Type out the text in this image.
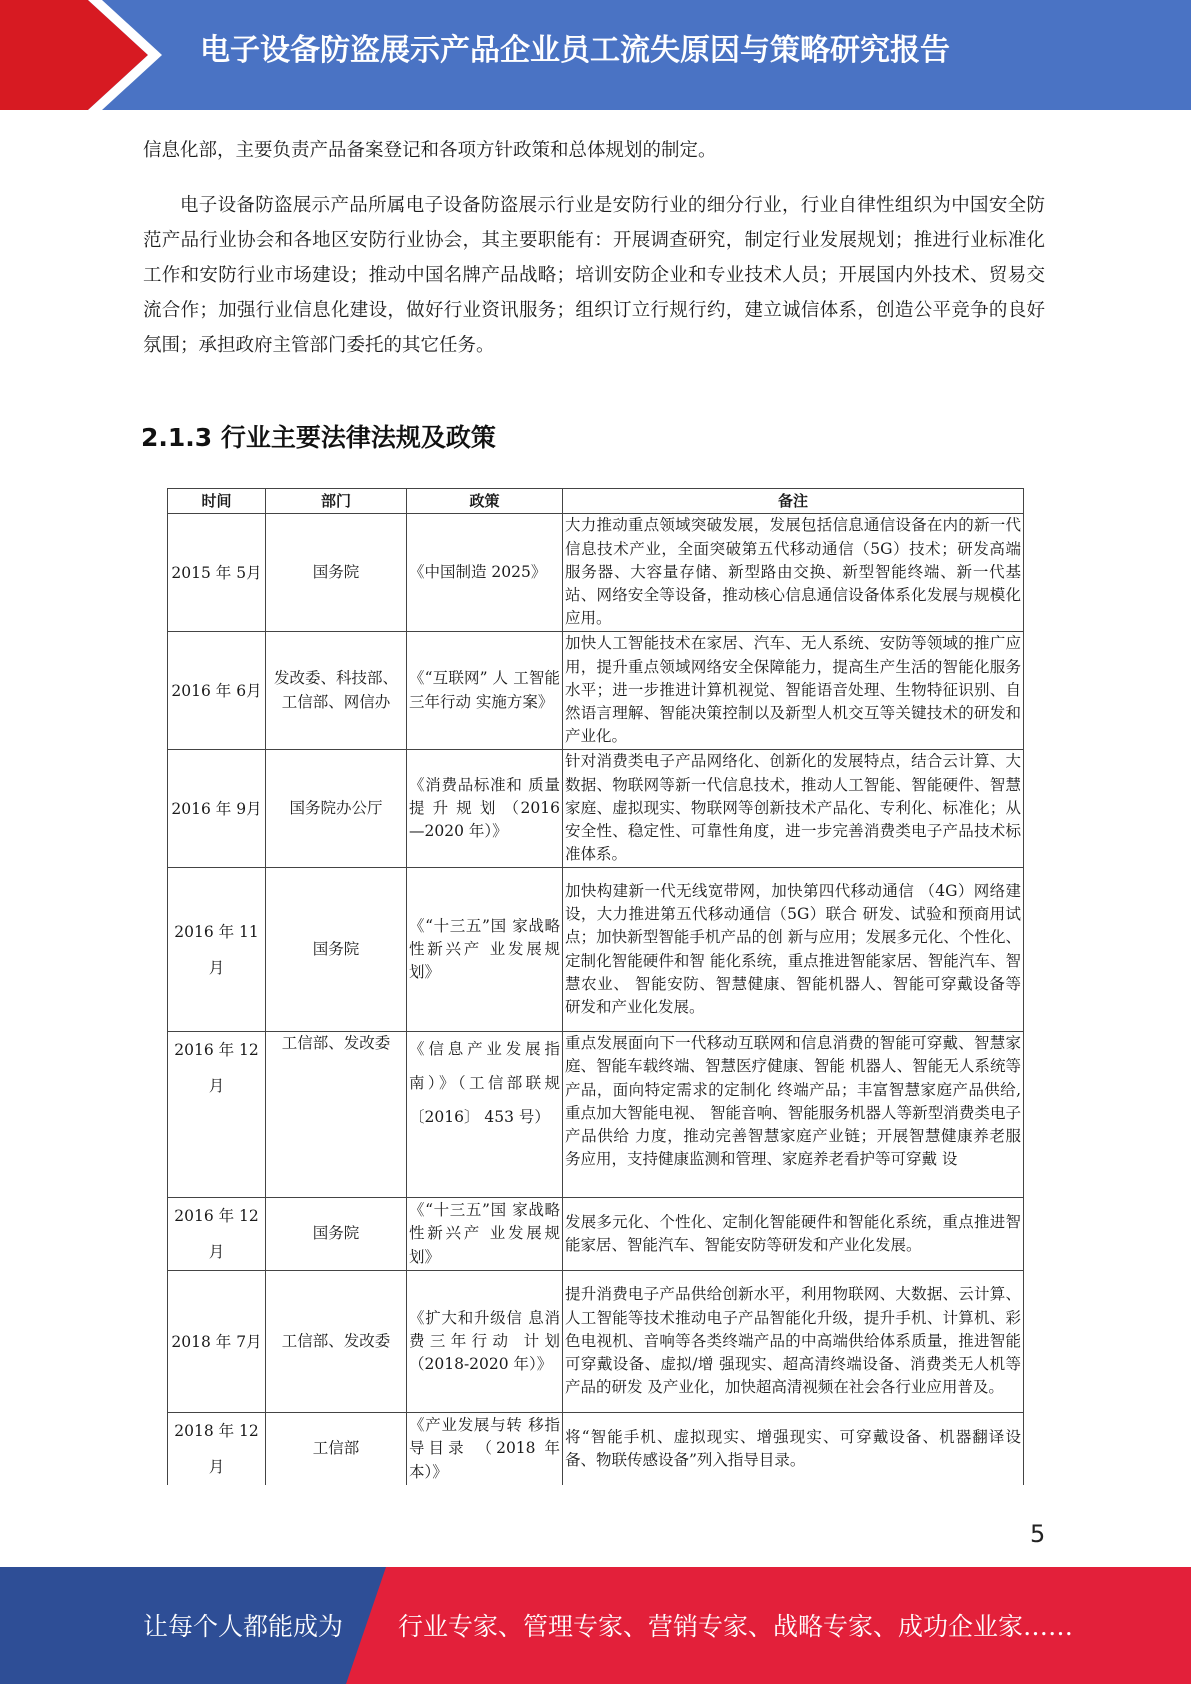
电子设备防盗展示产品企业员工流失原因与策略研究报告

信息化部，主要负责产品备案登记和各项方针政策和总体规划的制定。

电子设备防盗展示产品所属电子设备防盗展示行业是安防行业的细分行业，行业自律性组织为中国安全防范产品行业协会和各地区安防行业协会，其主要职能有：开展调查研究，制定行业发展规划；推进行业标准化工作和安防行业市场建设；推动中国名牌产品战略；培训安防企业和专业技术人员；开展国内外技术、贸易交流合作；加强行业信息化建设，做好行业资讯服务；组织订立行规行约，建立诚信体系，创造公平竞争的良好氛围；承担政府主管部门委托的其它任务。

2.1.3 行业主要法律法规及政策
时间	部门	政策	备注
2015 年 5月	国务院	《中国制造 2025》	大力推动重点领域突破发展，发展包括信息通信设备在内的新一代信息技术产业，全面突破第五代移动通信（5G）技术；研发高端服务器、大容量存储、新型路由交换、新型智能终端、新一代基站、网络安全等设备，推动核心信息通信设备体系化发展与规模化应用。
2016 年 6月	发改委、科技部、工信部、网信办	《“互联网” 人 工智能三年行动 实施方案》	加快人工智能技术在家居、汽车、无人系统、安防等领域的推广应用，提升重点领域网络安全保障能力，提高生产生活的智能化服务水平；进一步推进计算机视觉、智能语音处理、生物特征识别、自然语言理解、智能决策控制以及新型人机交互等关键技术的研发和产业化。
2016 年 9月	国务院办公厅	《消费品标准和 质量 提 升 规 划 （2016—2020 年）》	针对消费类电子产品网络化、创新化的发展特点，结合云计算、大数据、物联网等新一代信息技术，推动人工智能、智能硬件、智慧家庭、虚拟现实、物联网等创新技术产品化、专利化、标准化；从安全性、稳定性、可靠性角度，进一步完善消费类电子产品技术标准体系。
2016 年 11月	国务院	《“十三五”国 家战略性新兴产 业发展规划》	加快构建新一代无线宽带网，加快第四代移动通信 （4G）网络建设，大力推进第五代移动通信（5G）联合 研发、试验和预商用试点；加快新型智能手机产品的创 新与应用；发展多元化、个性化、定制化智能硬件和智 能化系统，重点推进智能家居、智能汽车、智慧农业、 智能安防、智慧健康、智能机器人、智能可穿戴设备等 研发和产业化发展。
2016 年 12 月	工信部、发改委	《信息产业发展指南）》（工信部联规〔2016〕 453 号）	重点发展面向下一代移动互联网和信息消费的智能可穿戴、智慧家庭、智能车载终端、智慧医疗健康、智能 机器人、智能无人系统等产品，面向特定需求的定制化 终端产品；丰富智慧家庭产品供给,重点加大智能电视、 智能音响、智能服务机器人等新型消费类电子产品供给 力度，推动完善智慧家庭产业链；开展智慧健康养老服 务应用，支持健康监测和管理、家庭养老看护等可穿戴 设
2016 年 12月	国务院	《“十三五”国 家战略性新兴产 业发展规划》	发展多元化、个性化、定制化智能硬件和智能化系统，重点推进智能家居、智能汽车、智能安防等研发和产业化发展。
2018 年 7月	工信部、发改委	《扩大和升级信 息消费三年行动 计划（2018-2020 年）》	提升消费电子产品供给创新水平，利用物联网、大数据、云计算、人工智能等技术推动电子产品智能化升级，提升手机、计算机、彩色电视机、音响等各类终端产品的中高端供给体系质量，推进智能可穿戴设备、虚拟/增 强现实、超高清终端设备、消费类无人机等产品的研发 及产业化，加快超高清视频在社会各行业应用普及。
2018 年 12月	工信部	《产业发展与转 移指导目录 （2018 年本）》	将“智能手机、虚拟现实、增强现实、可穿戴设备、机器翻译设备、物联传感设备”列入指导目录。
5
让每个人都能成为 行业专家、管理专家、营销专家、战略专家、成功企业家……
